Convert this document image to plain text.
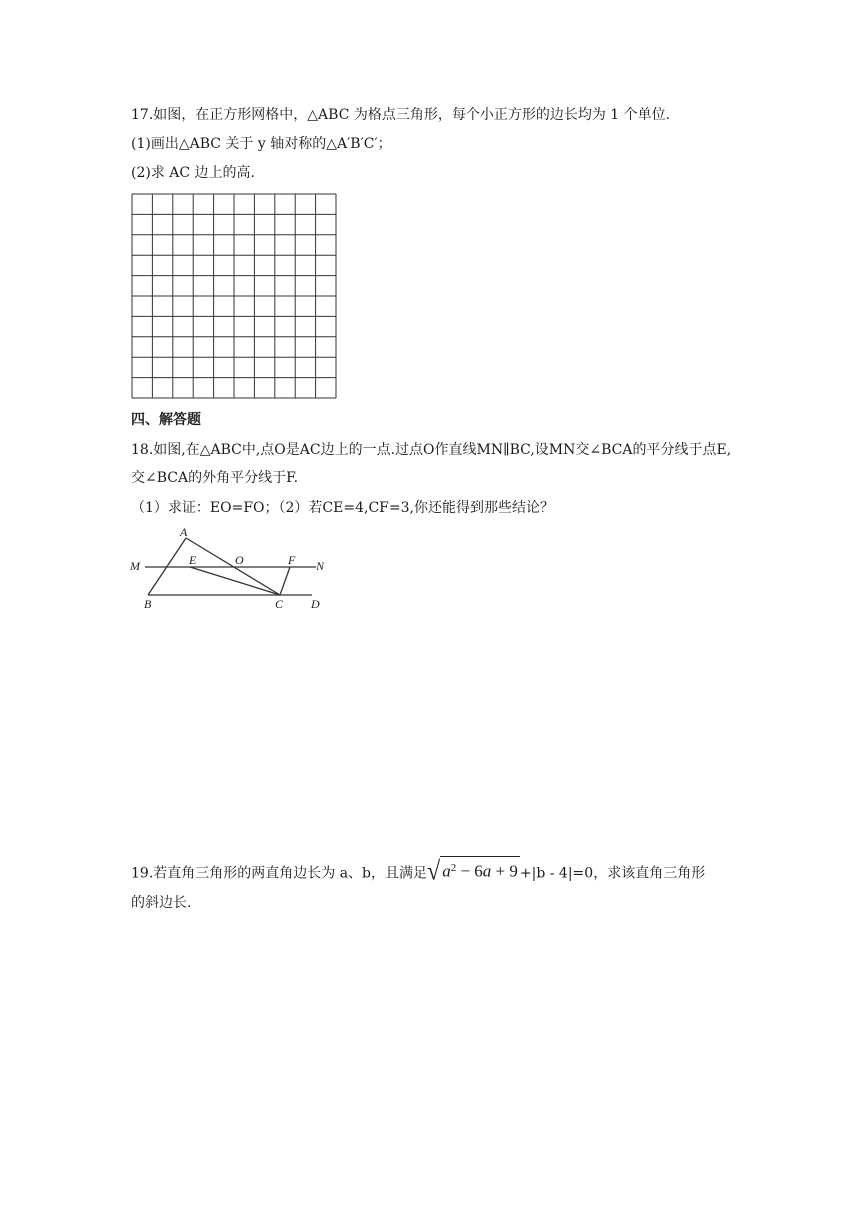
17.如图，在正方形网格中，△ABC 为格点三角形，每个小正方形的边长均为 1 个单位.
(1)画出△ABC 关于 y 轴对称的△A′B′C′；
(2)求 AC 边上的高.
四、解答题
18.如图,在△ABC中,点O是AC边上的一点.过点O作直线MN∥BC,设MN交∠BCA的平分线于点E,
交∠BCA的外角平分线于F.
（1）求证：EO=FO；（2）若CE=4,CF=3,你还能得到那些结论？
A
E	O	F
M	N
B	C D
19.若直角三角形的两直角边长为 a、b，且满足√ $a^2 - 6a + 9 +|b - 4|=0$，求该直角三角形
的斜边长.
